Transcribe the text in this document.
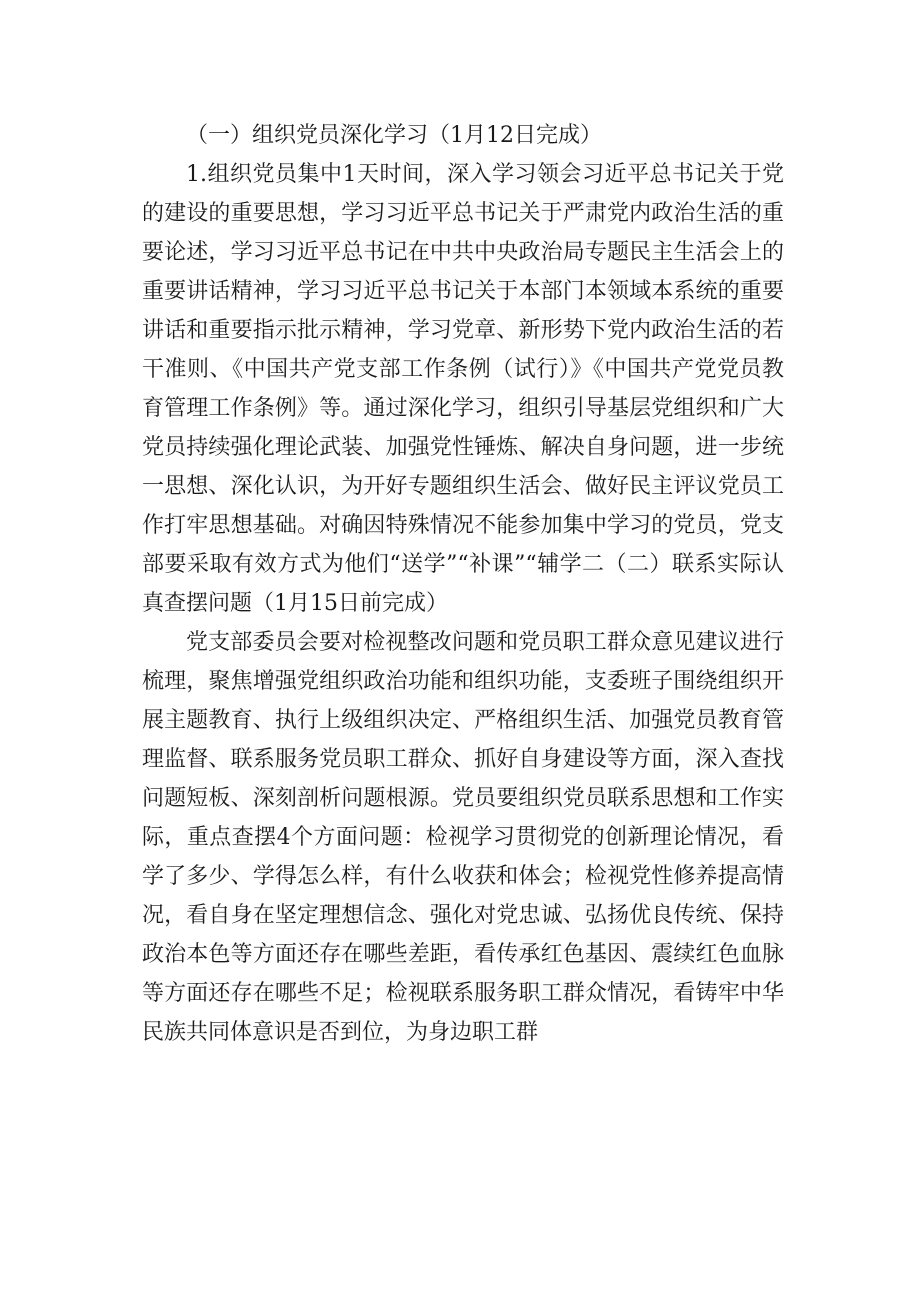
（一）组织党员深化学习（1月12日完成）

1.组织党员集中1天时间，深入学习领会习近平总书记关于党的建设的重要思想，学习习近平总书记关于严肃党内政治生活的重要论述，学习习近平总书记在中共中央政治局专题民主生活会上的重要讲话精神，学习习近平总书记关于本部门本领域本系统的重要讲话和重要指示批示精神，学习党章、新形势下党内政治生活的若干准则、《中国共产党支部工作条例（试行）》《中国共产党党员教育管理工作条例》等。通过深化学习，组织引导基层党组织和广大党员持续强化理论武装、加强党性锤炼、解决自身问题，进一步统一思想、深化认识，为开好专题组织生活会、做好民主评议党员工作打牢思想基础。对确因特殊情况不能参加集中学习的党员，党支部要采取有效方式为他们“送学”“补课”“辅学二（二）联系实际认真查摆问题（1月15日前完成）

党支部委员会要对检视整改问题和党员职工群众意见建议进行梳理，聚焦增强党组织政治功能和组织功能，支委班子围绕组织开展主题教育、执行上级组织决定、严格组织生活、加强党员教育管理监督、联系服务党员职工群众、抓好自身建设等方面，深入查找问题短板、深刻剖析问题根源。党员要组织党员联系思想和工作实际，重点查摆4个方面问题：检视学习贯彻党的创新理论情况，看学了多少、学得怎么样，有什么收获和体会；检视党性修养提高情况，看自身在坚定理想信念、强化对党忠诚、弘扬优良传统、保持政治本色等方面还存在哪些差距，看传承红色基因、震续红色血脉等方面还存在哪些不足；检视联系服务职工群众情况，看铸牢中华民族共同体意识是否到位，为身边职工群
